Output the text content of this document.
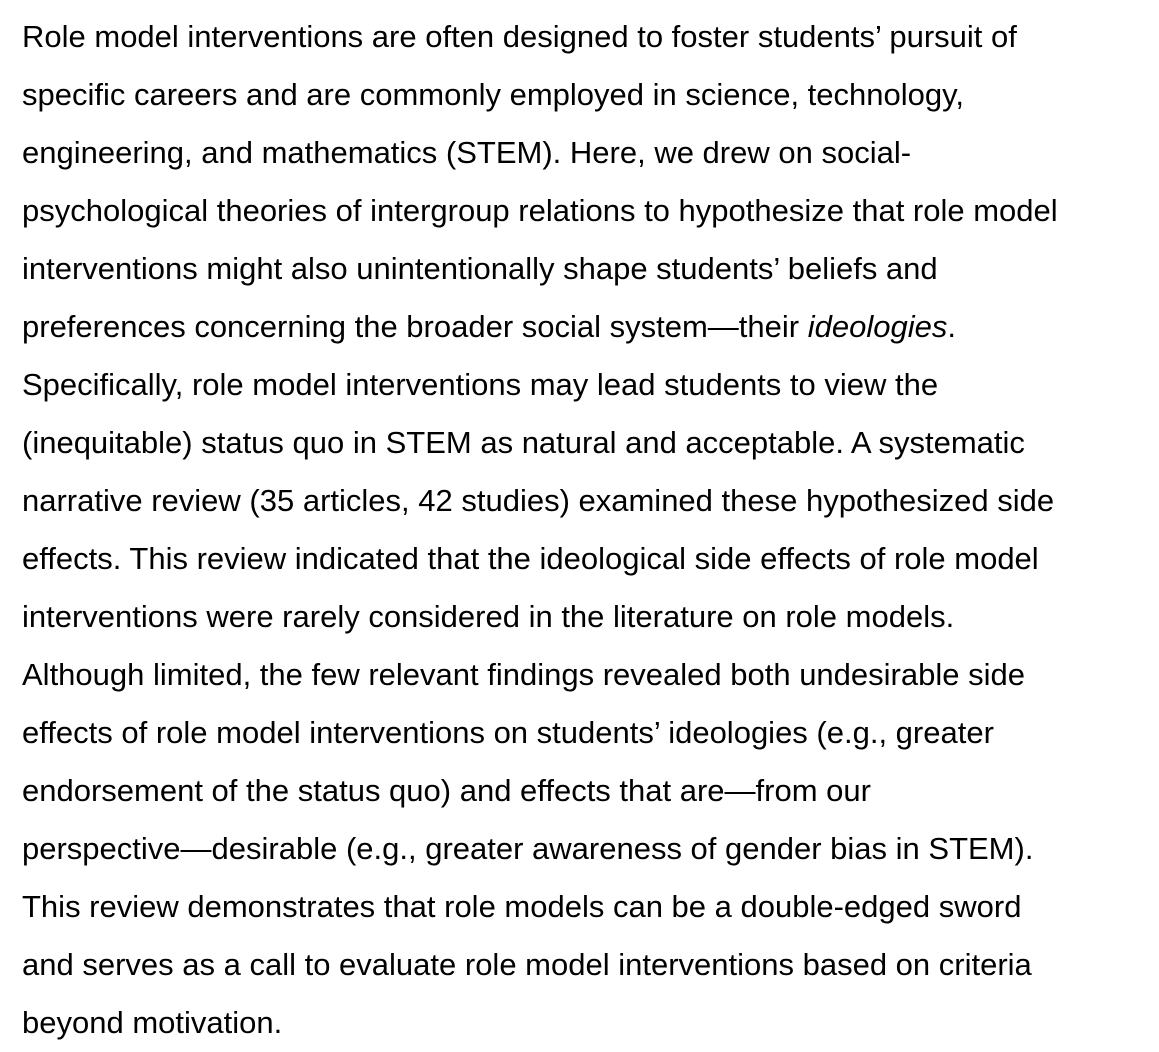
Role model interventions are often designed to foster students’ pursuit of
specific careers and are commonly employed in science, technology,
engineering, and mathematics (STEM). Here, we drew on social-
psychological theories of intergroup relations to hypothesize that role model
interventions might also unintentionally shape students’ beliefs and
preferences concerning the broader social system—their ideologies.
Specifically, role model interventions may lead students to view the
(inequitable) status quo in STEM as natural and acceptable. A systematic
narrative review (35 articles, 42 studies) examined these hypothesized side
effects. This review indicated that the ideological side effects of role model
interventions were rarely considered in the literature on role models.
Although limited, the few relevant findings revealed both undesirable side
effects of role model interventions on students’ ideologies (e.g., greater
endorsement of the status quo) and effects that are—from our
perspective—desirable (e.g., greater awareness of gender bias in STEM).
This review demonstrates that role models can be a double-edged sword
and serves as a call to evaluate role model interventions based on criteria
beyond motivation.
